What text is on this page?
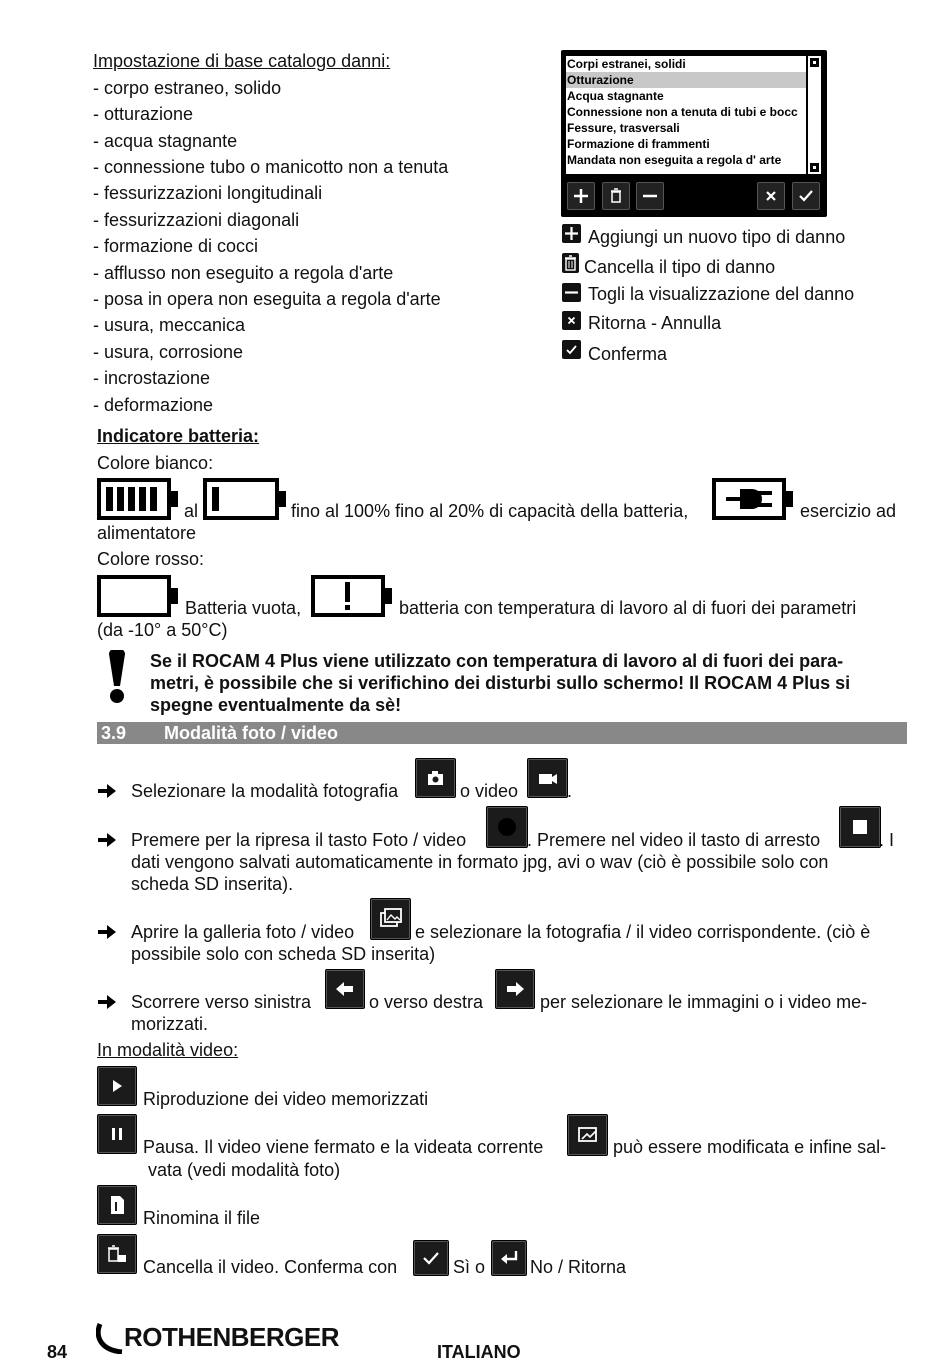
Impostazione di base catalogo danni:
- corpo estraneo, solido
- otturazione
- acqua stagnante
- connessione tubo o manicotto non a tenuta
- fessurizzazioni longitudinali
- fessurizzazioni diagonali
- formazione di cocci
- afflusso non eseguito a regola d'arte
- posa in opera non eseguita a regola d'arte
- usura, meccanica
- usura, corrosione
- incrostazione
- deformazione
Corpi estranei, solidi
Otturazione
Acqua stagnante
Connessione non a tenuta di tubi e bocc
Fessure, trasversali
Formazione di frammenti
Mandata non eseguita a regola d' arte
Aggiungi un nuovo tipo di danno
Cancella il tipo di danno
Togli la visualizzazione del danno
Ritorna - Annulla
Conferma
Indicatore batteria:
Colore bianco:
al	fino al 100% fino al 20% di capacità della batteria,	esercizio ad
alimentatore
Colore rosso:
Batteria vuota,	batteria con temperatura di lavoro al di fuori dei parametri
(da -10° a 50°C)
Se il ROCAM 4 Plus viene utilizzato con temperatura di lavoro al di fuori dei para-
metri, è possibile che si verifichino dei disturbi sullo schermo! Il ROCAM 4 Plus si
spegne eventualmente da sè!
3.9 Modalità foto / video
Selezionare la modalità fotografia	o video	.
Premere per la ripresa il tasto Foto / video	. Premere nel video il tasto di arresto	. I
dati vengono salvati automaticamente in formato jpg, avi o wav (ciò è possibile solo con
scheda SD inserita).
Aprire la galleria foto / video	e selezionare la fotografia / il video corrispondente. (ciò è
possibile solo con scheda SD inserita)
Scorrere verso sinistra	o verso destra	per selezionare le immagini o i video me-
morizzati.
In modalità video:
Riproduzione dei video memorizzati
Pausa. Il video viene fermato e la videata corrente	può essere modificata e infine sal-
vata (vedi modalità foto)
Rinomina il file
Cancella il video. Conferma con	Sì o No / Ritorna
84 ROTHENBERGER	ITALIANO
